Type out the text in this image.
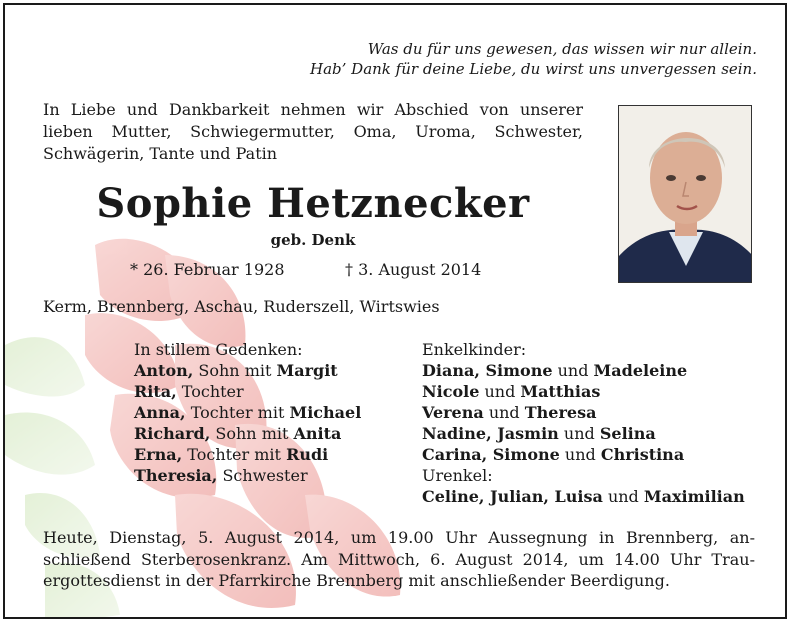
Was du für uns gewesen, das wissen wir nur allein.
Hab’ Dank für deine Liebe, du wirst uns unvergessen sein.
In Liebe und Dankbarkeit nehmen wir Abschied von unserer
lieben Mutter, Schwiegermutter, Oma, Uroma, Schwester,
Schwägerin, Tante und Patin
Sophie Hetznecker
geb. Denk
* 26. Februar 1928	† 3. August 2014
Kerm, Brennberg, Aschau, Ruderszell, Wirtswies
In stillem Gedenken:
Anton, Sohn mit Margit
Rita, Tochter
Anna, Tochter mit Michael
Richard, Sohn mit Anita
Erna, Tochter mit Rudi
Theresia, Schwester
Enkelkinder:
Diana, Simone und Madeleine
Nicole und Matthias
Verena und Theresa
Nadine, Jasmin und Selina
Carina, Simone und Christina
Urenkel:
Celine, Julian, Luisa und Maximilian
Heute, Dienstag, 5. August 2014, um 19.00 Uhr Aussegnung in Brennberg, an-
schließend Sterberosenkranz. Am Mittwoch, 6. August 2014, um 14.00 Uhr Trau-
ergottesdienst in der Pfarrkirche Brennberg mit anschließender Beerdigung.
